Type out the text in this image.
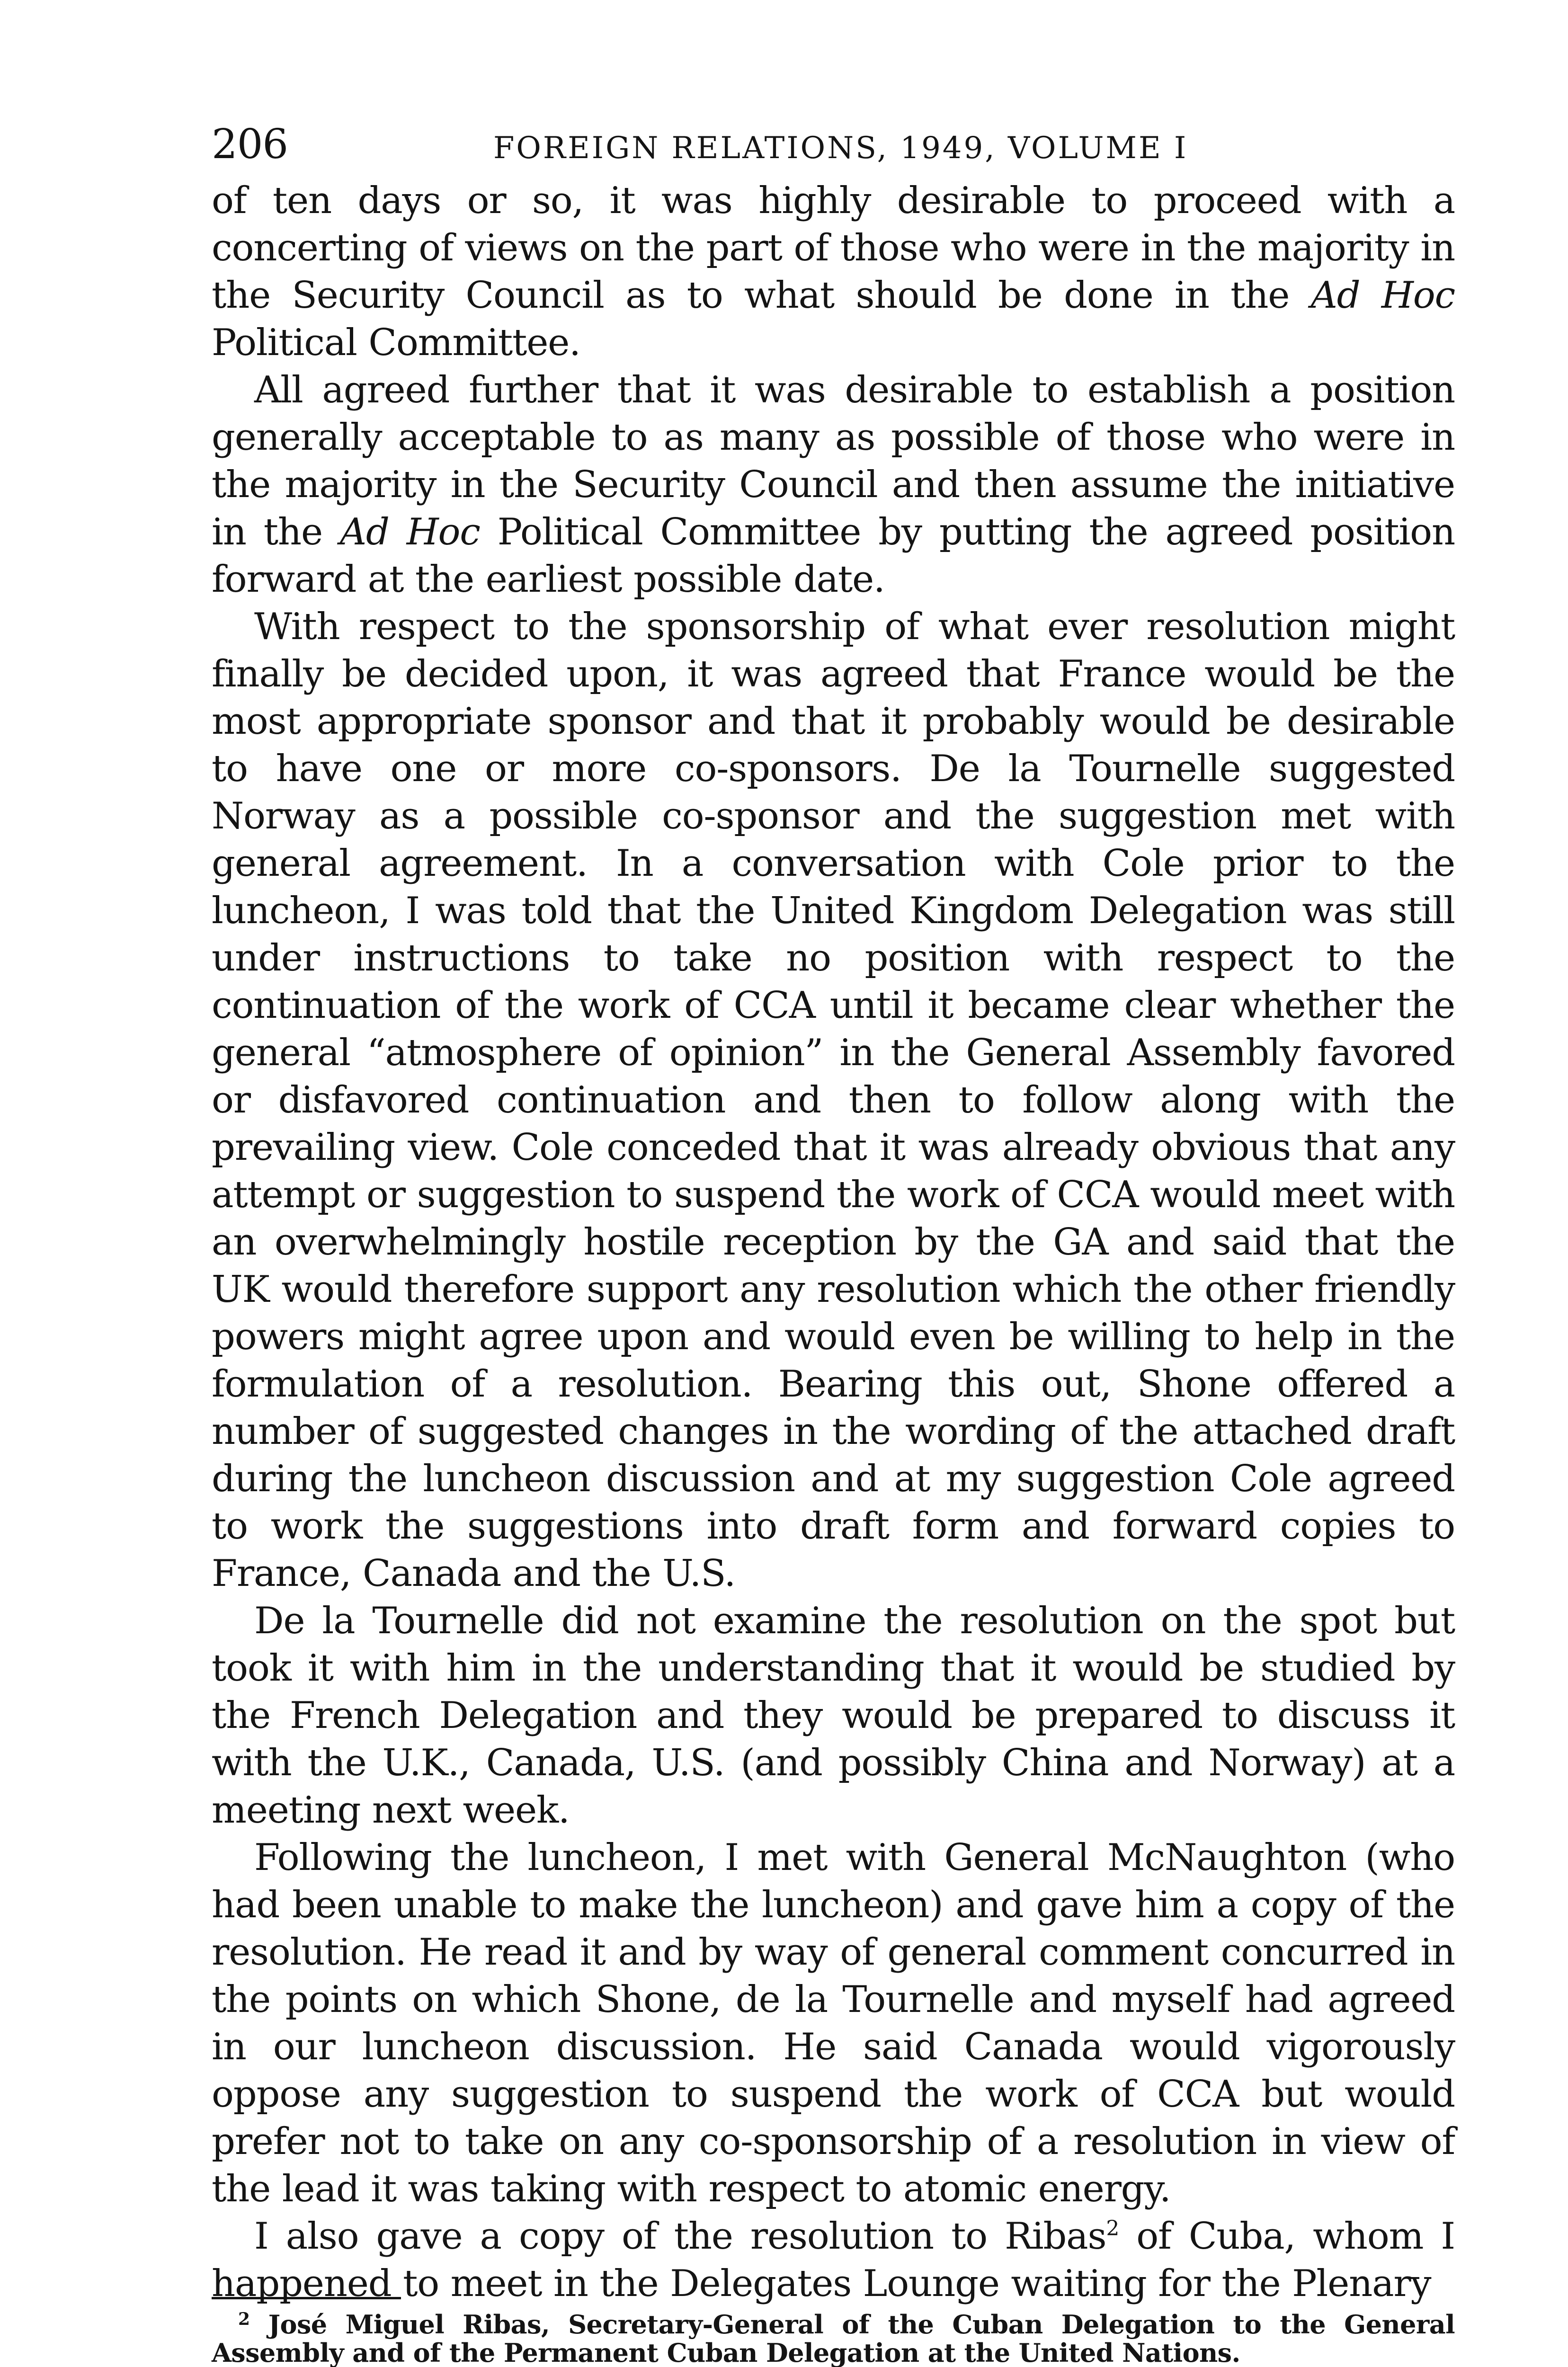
206	FOREIGN RELATIONS, 1949, VOLUME I

of ten days or so, it was highly desirable to proceed with a concerting of views on the part of those who were in the majority in the Security Council as to what should be done in the Ad Hoc Political Committee.

All agreed further that it was desirable to establish a position generally acceptable to as many as possible of those who were in the majority in the Security Council and then assume the initiative in the Ad Hoc Political Committee by putting the agreed position forward at the earliest possible date.

With respect to the sponsorship of what ever resolution might finally be decided upon, it was agreed that France would be the most appropriate sponsor and that it probably would be desirable to have one or more co-sponsors. De la Tournelle suggested Norway as a possible co-sponsor and the suggestion met with general agreement. In a conversation with Cole prior to the luncheon, I was told that the United Kingdom Delegation was still under instructions to take no position with respect to the continuation of the work of CCA until it became clear whether the general “atmosphere of opinion” in the General Assembly favored or disfavored continuation and then to follow along with the prevailing view. Cole conceded that it was already obvious that any attempt or suggestion to suspend the work of CCA would meet with an overwhelmingly hostile reception by the GA and said that the UK would therefore support any resolution which the other friendly powers might agree upon and would even be willing to help in the formulation of a resolution. Bearing this out, Shone offered a number of suggested changes in the wording of the attached draft during the luncheon discussion and at my suggestion Cole agreed to work the suggestions into draft form and forward copies to France, Canada and the U.S.

De la Tournelle did not examine the resolution on the spot but took it with him in the understanding that it would be studied by the French Delegation and they would be prepared to discuss it with the U.K., Canada, U.S. (and possibly China and Norway) at a meeting next week.

Following the luncheon, I met with General McNaughton (who had been unable to make the luncheon) and gave him a copy of the resolution. He read it and by way of general comment concurred in the points on which Shone, de la Tournelle and myself had agreed in our luncheon discussion. He said Canada would vigorously oppose any suggestion to suspend the work of CCA but would prefer not to take on any co-sponsorship of a resolution in view of the lead it was taking with respect to atomic energy.

I also gave a copy of the resolution to Ribas$^2$ of Cuba, whom I happened to meet in the Delegates Lounge waiting for the Plenary

$^2$ José Miguel Ribas, Secretary-General of the Cuban Delegation to the General Assembly and of the Permanent Cuban Delegation at the United Nations.
